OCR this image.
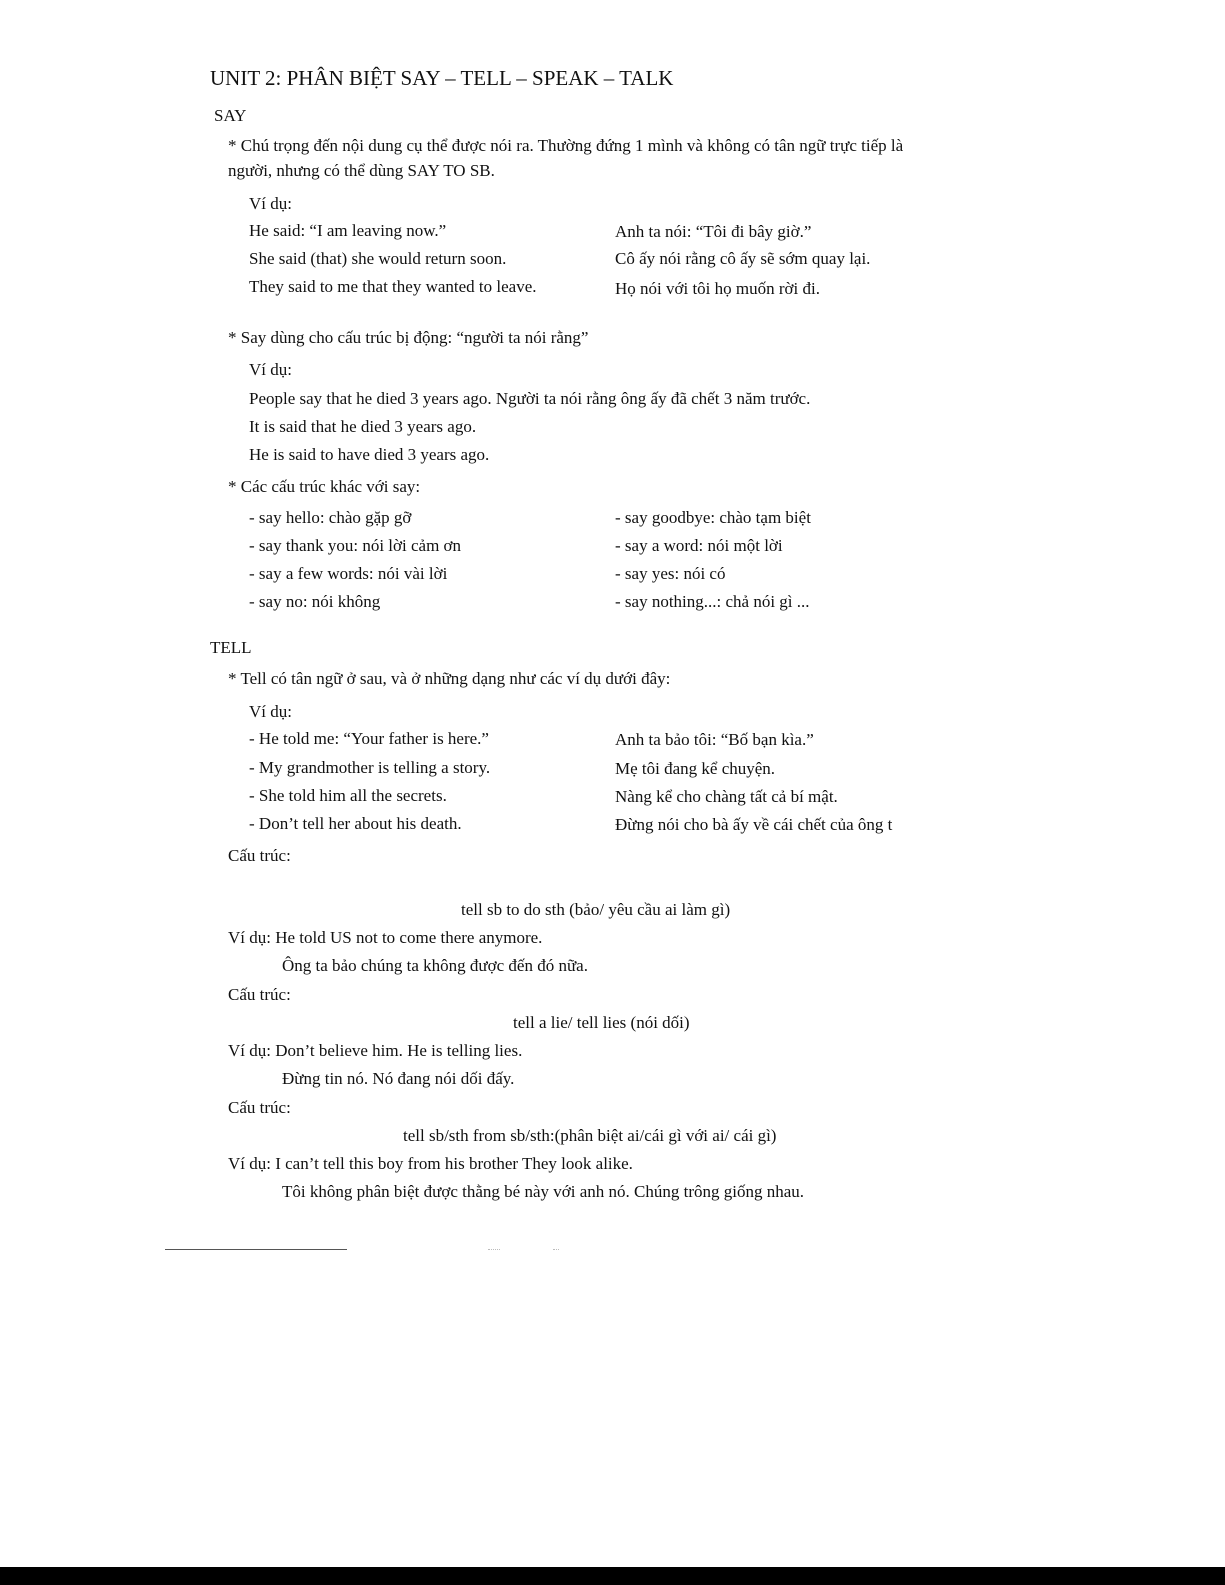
UNIT 2: PHÂN BIỆT SAY – TELL – SPEAK – TALK
SAY
* Chú trọng đến nội dung cụ thể được nói ra. Thường đứng 1 mình và không có tân ngữ trực tiếp là
người, nhưng có thể dùng SAY TO SB.
Ví dụ:
He said: “I am leaving now.”	Anh ta nói: “Tôi đi bây giờ.”
She said (that) she would return soon.	Cô ấy nói rằng cô ấy sẽ sớm quay lại.
They said to me that they wanted to leave.	Họ nói với tôi họ muốn rời đi.
* Say dùng cho cấu trúc bị động: “người ta nói rằng”
Ví dụ:
People say that he died 3 years ago. Người ta nói rằng ông ấy đã chết 3 năm trước.
It is said that he died 3 years ago.
He is said to have died 3 years ago.
* Các cấu trúc khác với say:
- say hello: chào gặp gỡ	- say goodbye: chào tạm biệt
- say thank you: nói lời cảm ơn	- say a word: nói một lời
- say a few words: nói vài lời	- say yes: nói có
- say no: nói không	- say nothing...: chả nói gì ...
TELL
* Tell có tân ngữ ở sau, và ở những dạng như các ví dụ dưới đây:
Ví dụ:
- He told me: “Your father is here.”	Anh ta bảo tôi: “Bố bạn kìa.”
- My grandmother is telling a story.	Mẹ tôi đang kể chuyện.
- She told him all the secrets.	Nàng kể cho chàng tất cả bí mật.
- Don’t tell her about his death.	Đừng nói cho bà ấy về cái chết của ông t
Cấu trúc:
tell sb to do sth (bảo/ yêu cầu ai làm gì)
Ví dụ: He told US not to come there anymore.
Ông ta bảo chúng ta không được đến đó nữa.
Cấu trúc:
tell a lie/ tell lies (nói dối)
Ví dụ: Don’t believe him. He is telling lies.
Đừng tin nó. Nó đang nói dối đấy.
Cấu trúc:
tell sb/sth from sb/sth:(phân biệt ai/cái gì với ai/ cái gì)
Ví dụ: I can’t tell this boy from his brother They look alike.
Tôi không phân biệt được thằng bé này với anh nó. Chúng trông giống nhau.
